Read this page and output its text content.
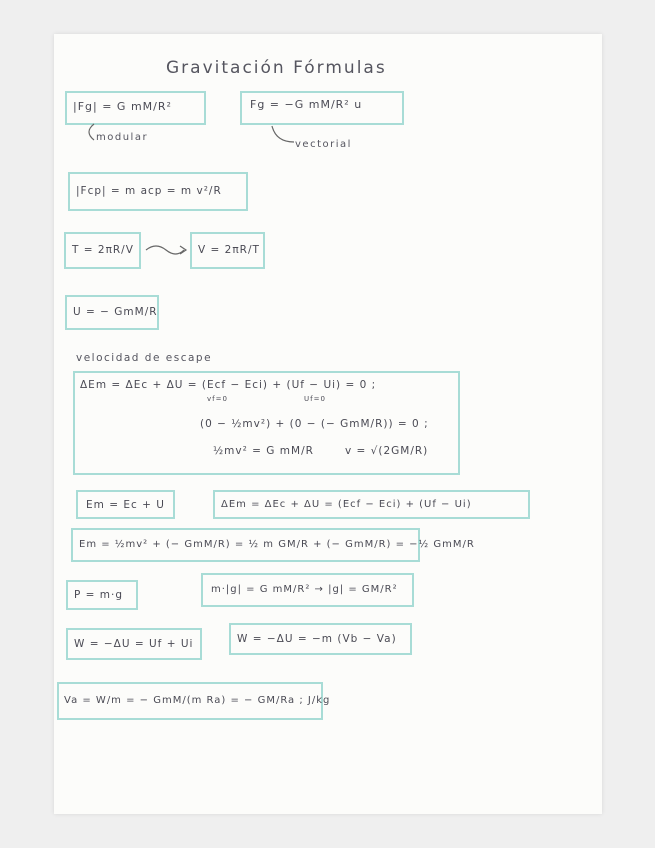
Gravitación Fórmulas
|Fg| = G mM/R²	Fg = −G mM/R² u
modular
vectorial
|Fcp| = m acp = m v²/R
T = 2πR/V	V = 2πR/T
U = − GmM/R
velocidad de escape
ΔEm = ΔEc + ΔU = (Ecf − Eci) + (Uf − Ui) = 0 ;
vf=0	Uf=0
(0 − ½mv²) + (0 − (− GmM/R)) = 0 ;
½mv² = G mM/R	v = √(2GM/R)
Em = Ec + U	ΔEm = ΔEc + ΔU = (Ecf − Eci) + (Uf − Ui)
Em = ½mv² + (− GmM/R) = ½ m GM/R + (− GmM/R) = −½ GmM/R
P = m·g	m·|g| = G mM/R² → |g| = GM/R²
W = −ΔU = Uf + Ui	W = −ΔU = −m (Vb − Va)
Va = W/m = − GmM/(m Ra) = − GM/Ra ; J/kg
